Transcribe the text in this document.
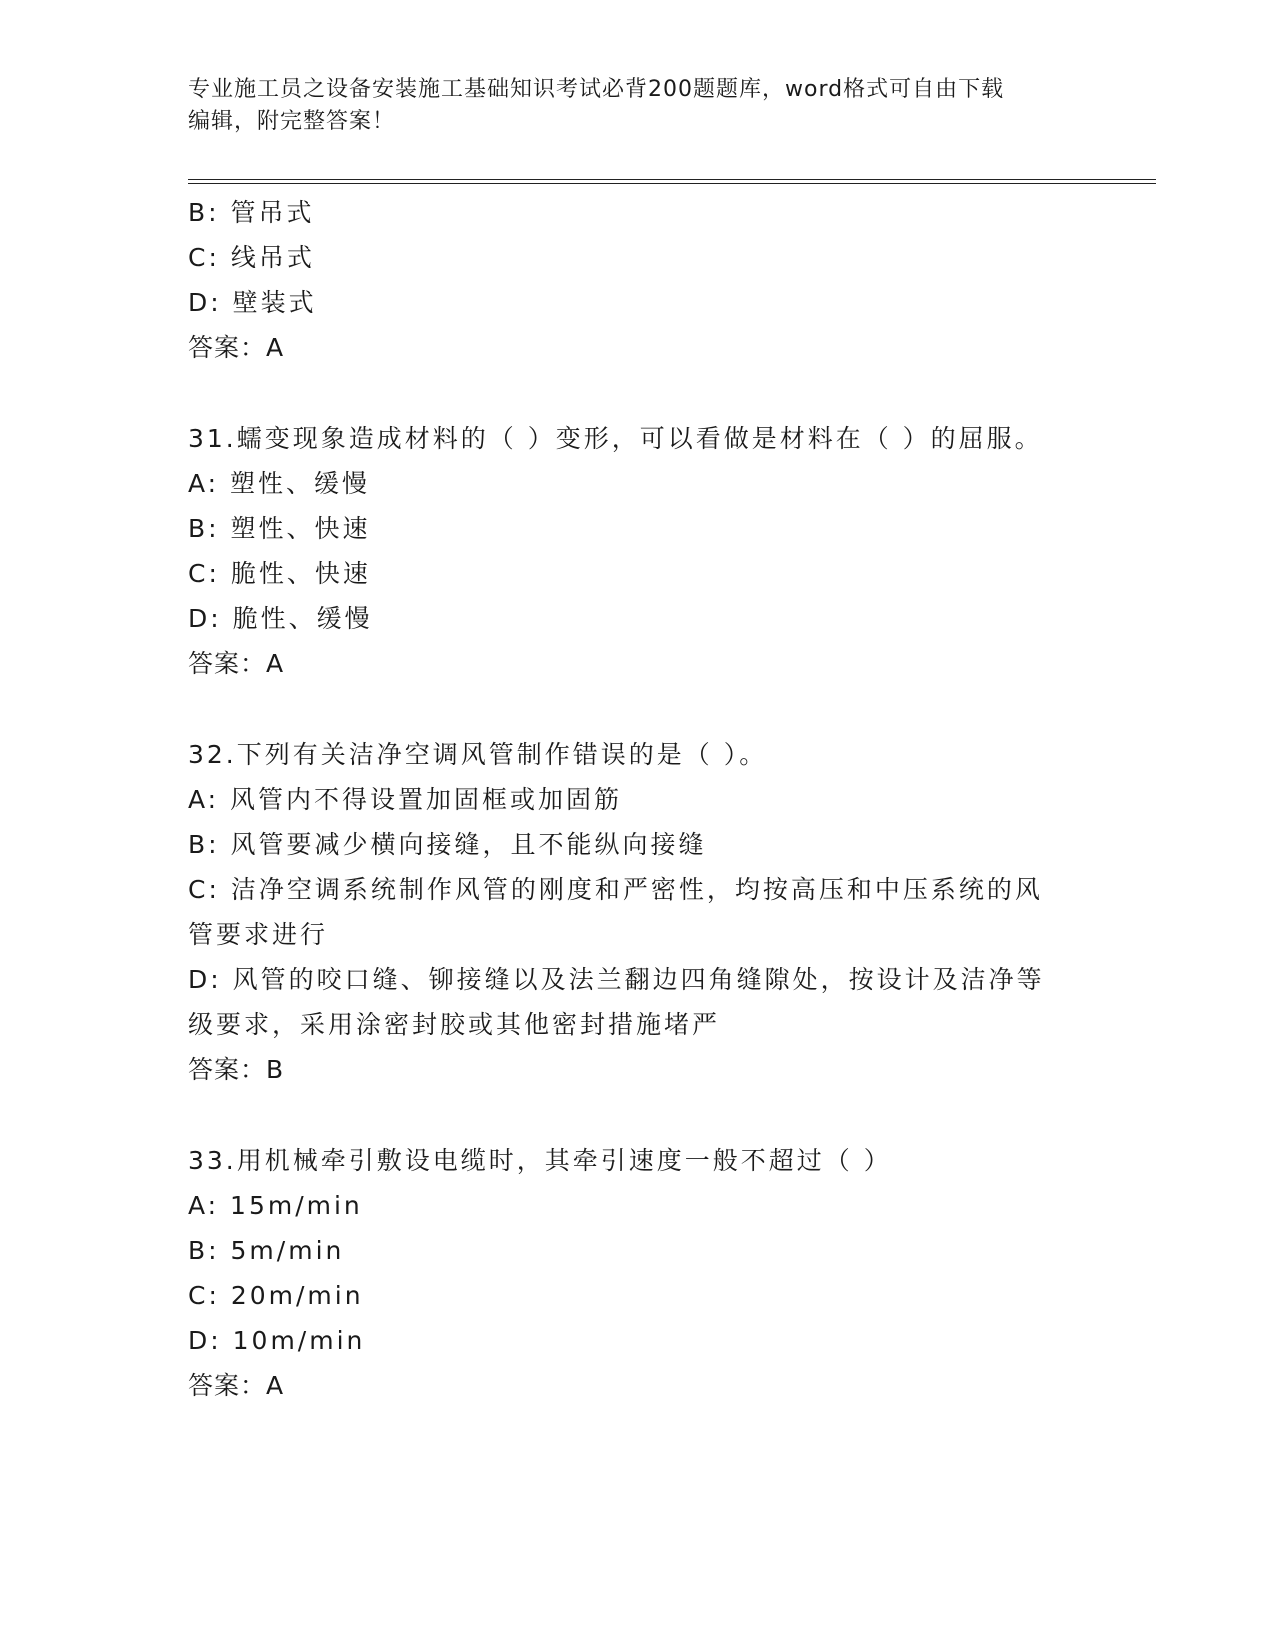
专业施工员之设备安装施工基础知识考试必背200题题库，word格式可自由下载
编辑，附完整答案！
B: 管吊式
C: 线吊式
D: 壁装式
答案：A
31.蠕变现象造成材料的（ ）变形，可以看做是材料在（ ）的屈服。
A: 塑性、缓慢
B: 塑性、快速
C: 脆性、快速
D: 脆性、缓慢
答案：A
32.下列有关洁净空调风管制作错误的是（ ）。
A: 风管内不得设置加固框或加固筋
B: 风管要减少横向接缝，且不能纵向接缝
C: 洁净空调系统制作风管的刚度和严密性，均按高压和中压系统的风管要求进行
D: 风管的咬口缝、铆接缝以及法兰翻边四角缝隙处，按设计及洁净等级要求，采用涂密封胶或其他密封措施堵严
答案：B
33.用机械牵引敷设电缆时，其牵引速度一般不超过（ ）
A: 15m/min
B: 5m/min
C: 20m/min
D: 10m/min
答案：A
